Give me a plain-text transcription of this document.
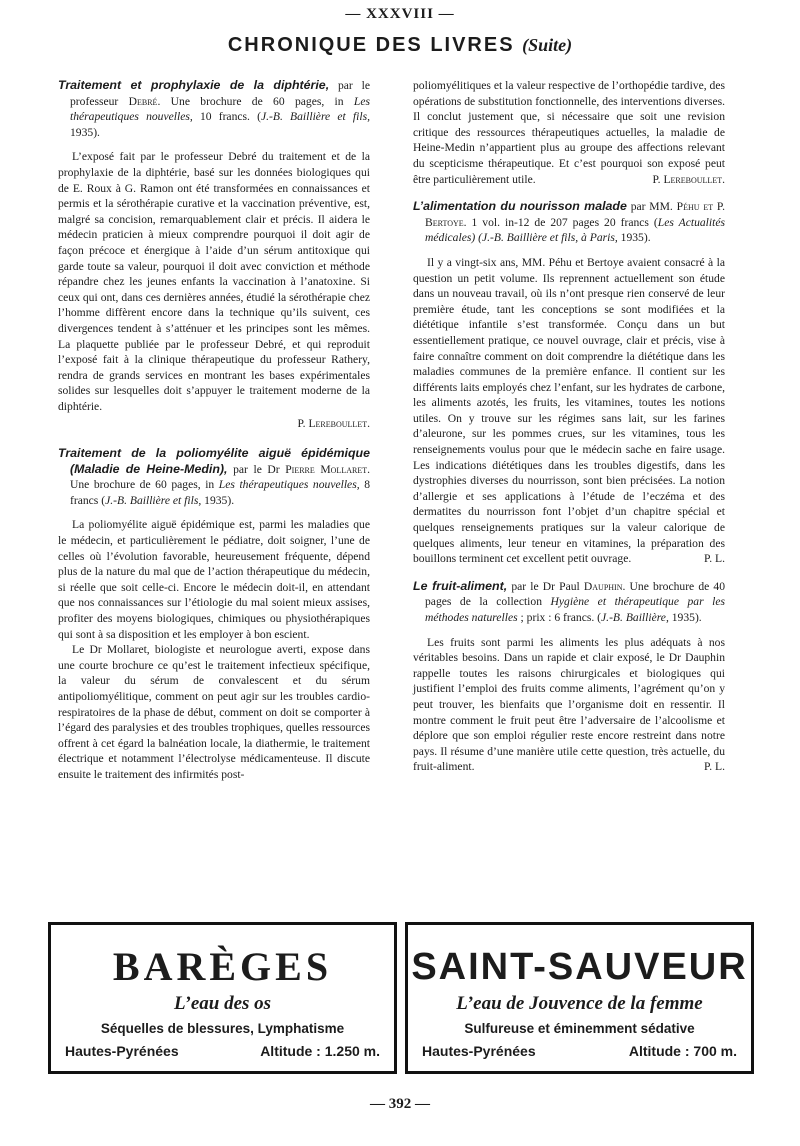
— XXXVIII —
CHRONIQUE DES LIVRES (Suite)

Traitement et prophylaxie de la diphtérie, par le professeur Debré. Une brochure de 60 pages, in Les thérapeutiques nouvelles, 10 francs. (J.-B. Baillière et fils, 1935).

L’exposé fait par le professeur Debré du traitement et de la prophylaxie de la diphtérie, basé sur les données biologiques qui de E. Roux à G. Ramon ont été transformées en connaissances et permis et la sérothérapie curative et la vaccination préventive, est, malgré sa concision, remarquablement clair et précis. Il aidera le médecin praticien à mieux comprendre pourquoi il doit agir de façon précoce et énergique à l’aide d’un sérum antitoxique qui garde toute sa valeur, pourquoi il doit avec conviction et méthode répandre chez les jeunes enfants la vaccination à l’anatoxine. Si ceux qui ont, dans ces dernières années, étudié la sérothérapie chez l’homme diffèrent encore dans la technique qu’ils suivent, ces divergences tendent à s’atténuer et les principes sont les mêmes. La plaquette publiée par le professeur Debré, et qui reproduit l’exposé fait à la clinique thérapeutique du professeur Rathery, rendra de grands services en montrant les bases expérimentales solides sur lesquelles doit s’appuyer le traitement moderne de la diphtérie.

P. Lereboullet.

Traitement de la poliomyélite aiguë épidémique (Maladie de Heine-Medin), par le Dr Pierre Mollaret. Une brochure de 60 pages, in Les thérapeutiques nouvelles, 8 francs (J.-B. Baillière et fils, 1935).

La poliomyélite aiguë épidémique est, parmi les maladies que le médecin, et particulièrement le pédiatre, doit soigner, l’une de celles où l’évolution favorable, heureusement fréquente, dépend plus de la nature du mal que de l’action thérapeutique du médecin, si réelle que soit celle-ci. Encore le médecin doit-il, en attendant que nos connaissances sur l’étiologie du mal soient mieux assises, profiter des moyens biologiques, chimiques ou physiothérapiques qui sont à sa disposition et les employer à bon escient.

Le Dr Mollaret, biologiste et neurologue averti, expose dans une courte brochure ce qu’est le traitement infectieux spécifique, la valeur du sérum de convalescent et du sérum antipoliomyélitique, comment on peut agir sur les troubles cardio-respiratoires de la phase de début, comment on doit se comporter à l’égard des paralysies et des troubles trophiques, quelles ressources offrent à cet égard la balnéation locale, la diathermie, le traitement électrique et notamment l’électrolyse médicamenteuse. Il discute ensuite le traitement des infirmités post-

poliomyélitiques et la valeur respective de l’orthopédie tardive, des opérations de substitution fonctionnelle, des interventions diverses. Il conclut justement que, si nécessaire que soit une revision critique des ressources thérapeutiques actuelles, la maladie de Heine-Medin n’appartient plus au groupe des affections relevant du scepticisme thérapeutique. Et c’est pourquoi son exposé peut être particulièrement utile.	P. Lereboullet.

L’alimentation du nourisson malade par MM. Péhu et P. Bertoye. 1 vol. in-12 de 207 pages 20 francs (Les Actualités médicales) (J.-B. Baillière et fils, à Paris, 1935).

Il y a vingt-six ans, MM. Péhu et Bertoye avaient consacré à la question un petit volume. Ils reprennent actuellement son étude dans un nouveau travail, où ils n’ont presque rien conservé de leur première étude, tant les conceptions se sont modifiées et la diététique infantile s’est transformée. Conçu dans un but essentiellement pratique, ce nouvel ouvrage, clair et précis, vise à faire connaître comment on doit comprendre la diététique dans les maladies communes de la première enfance. Il contient sur les différents laits employés chez l’enfant, sur les hydrates de carbone, les aliments azotés, les fruits, les vitamines, toutes les notions utiles. On y trouve sur les régimes sans lait, sur les farines d’aleurone, sur les pommes crues, sur les vitamines, tous les renseignements voulus pour que le médecin sache en faire usage. Les indications diététiques dans les troubles digestifs, dans les dystrophies diverses du nourrisson, sont bien précisées. La notion d’allergie et ses applications à l’étude de l’eczéma et des dermatites du nourrisson font l’objet d’un chapitre spécial et quelques renseignements pratiques sur la valeur calorique de quelques aliments, leur teneur en vitamines, la préparation des bouillons terminent cet excellent petit ouvrage.	P. L.

Le fruit-aliment, par le Dr Paul Dauphin. Une brochure de 40 pages de la collection Hygiène et thérapeutique par les méthodes naturelles ; prix : 6 francs. (J.-B. Baillière, 1935).

Les fruits sont parmi les aliments les plus adéquats à nos véritables besoins. Dans un rapide et clair exposé, le Dr Dauphin rappelle toutes les raisons chirurgicales et biologiques qui justifient l’emploi des fruits comme aliments, l’agrément qu’on y peut trouver, les bienfaits que l’organisme doit en ressentir. Il montre comment le fruit peut être l’adversaire de l’alcoolisme et déplore que son emploi régulier reste encore restreint dans notre pays. Il résume d’une manière utile cette question, très actuelle, du fruit-aliment.	P. L.

BARÈGES
L’eau des os
Séquelles de blessures, Lymphatisme
Hautes-Pyrénées	Altitude : 1.250 m.
SAINT-SAUVEUR
L’eau de Jouvence de la femme
Sulfureuse et éminemment sédative
Hautes-Pyrénées	Altitude : 700 m.
— 392 —
